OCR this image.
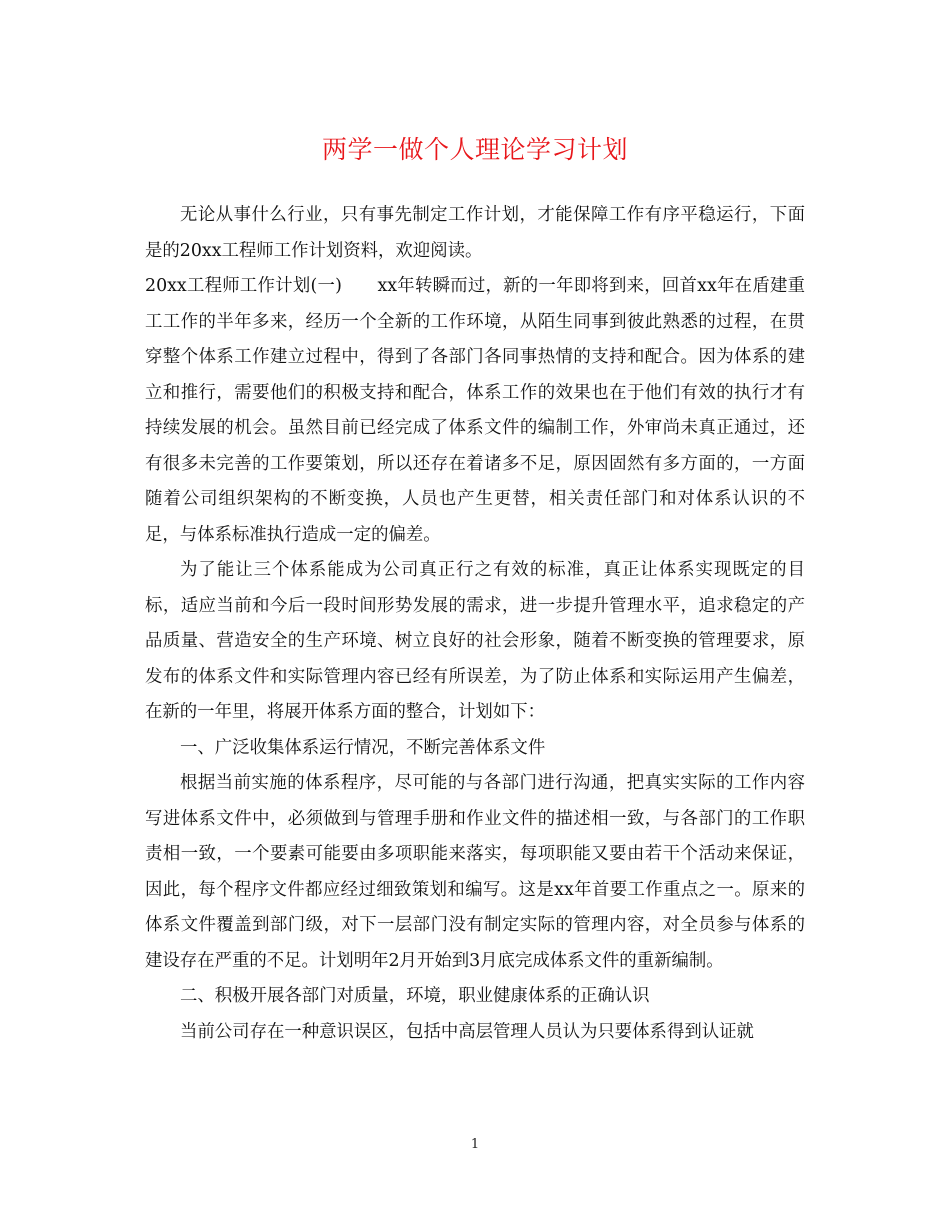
两学一做个人理论学习计划

无论从事什么行业，只有事先制定工作计划，才能保障工作有序平稳运行，下面是的20xx工程师工作计划资料，欢迎阅读。

20xx工程师工作计划(一)　　xx年转瞬而过，新的一年即将到来，回首xx年在盾建重工工作的半年多来，经历一个全新的工作环境，从陌生同事到彼此熟悉的过程，在贯穿整个体系工作建立过程中，得到了各部门各同事热情的支持和配合。因为体系的建立和推行，需要他们的积极支持和配合，体系工作的效果也在于他们有效的执行才有持续发展的机会。虽然目前已经完成了体系文件的编制工作，外审尚未真正通过，还有很多未完善的工作要策划，所以还存在着诸多不足，原因固然有多方面的，一方面随着公司组织架构的不断变换，人员也产生更替，相关责任部门和对体系认识的不足，与体系标准执行造成一定的偏差。

为了能让三个体系能成为公司真正行之有效的标准，真正让体系实现既定的目标，适应当前和今后一段时间形势发展的需求，进一步提升管理水平，追求稳定的产品质量、营造安全的生产环境、树立良好的社会形象，随着不断变换的管理要求，原发布的体系文件和实际管理内容已经有所误差，为了防止体系和实际运用产生偏差，在新的一年里，将展开体系方面的整合，计划如下：

一、广泛收集体系运行情况，不断完善体系文件

根据当前实施的体系程序，尽可能的与各部门进行沟通，把真实实际的工作内容写进体系文件中，必须做到与管理手册和作业文件的描述相一致，与各部门的工作职责相一致，一个要素可能要由多项职能来落实，每项职能又要由若干个活动来保证，因此，每个程序文件都应经过细致策划和编写。这是xx年首要工作重点之一。原来的体系文件覆盖到部门级，对下一层部门没有制定实际的管理内容，对全员参与体系的建设存在严重的不足。计划明年2月开始到3月底完成体系文件的重新编制。

二、积极开展各部门对质量，环境，职业健康体系的正确认识

当前公司存在一种意识误区，包括中高层管理人员认为只要体系得到认证就

1
